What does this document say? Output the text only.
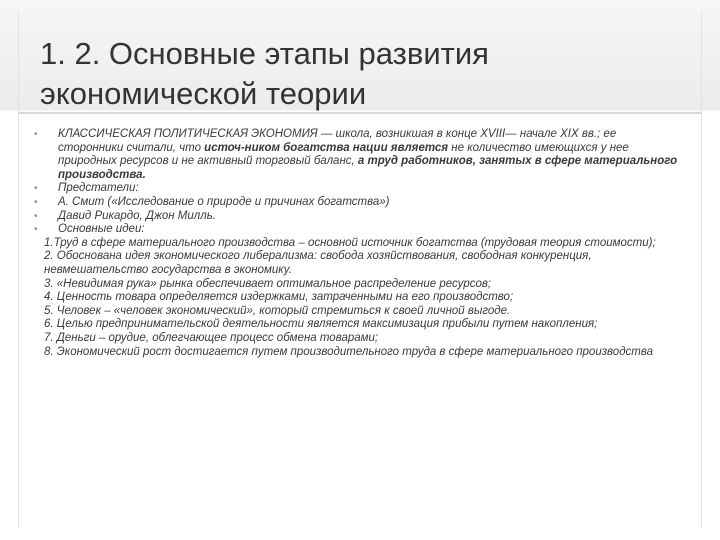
1. 2. Основные этапы развития
экономической теории
•	КЛАССИЧЕСКАЯ ПОЛИТИЧЕСКАЯ ЭКОНОМИЯ — школа, возникшая в конце XVIII— начале XIX вв.; ее сторонники считали, что источ-ником богатства нации является не количество имеющихся у нее природных ресурсов и не активный торговый баланс, а труд работников, занятых в сфере материального производства.
•	Предстатели:
•	А. Смит («Исследование о природе и причинах богатства»)
•	Давид Рикардо, Джон Милль.
•	Основные идеи:
1.Труд в сфере материального производства – основной источник богатства (трудовая теория стоимости);
2. Обоснована идея экономического либерализма: свобода хозяйствования, свободная конкуренция, невмешательство государства в экономику.
3. «Невидимая рука» рынка обеспечивает оптимальное распределение ресурсов;
4. Ценность товара определяется издержками, затраченными на его производство;
5. Человек – «человек экономический», который стремиться к своей личной выгоде.
6. Целью предпринимательской деятельности является максимизация прибыли путем накопления;
7. Деньги – орудие, облегчающее процесс обмена товарами;
8. Экономический рост достигается путем производительного труда в сфере материального производства
